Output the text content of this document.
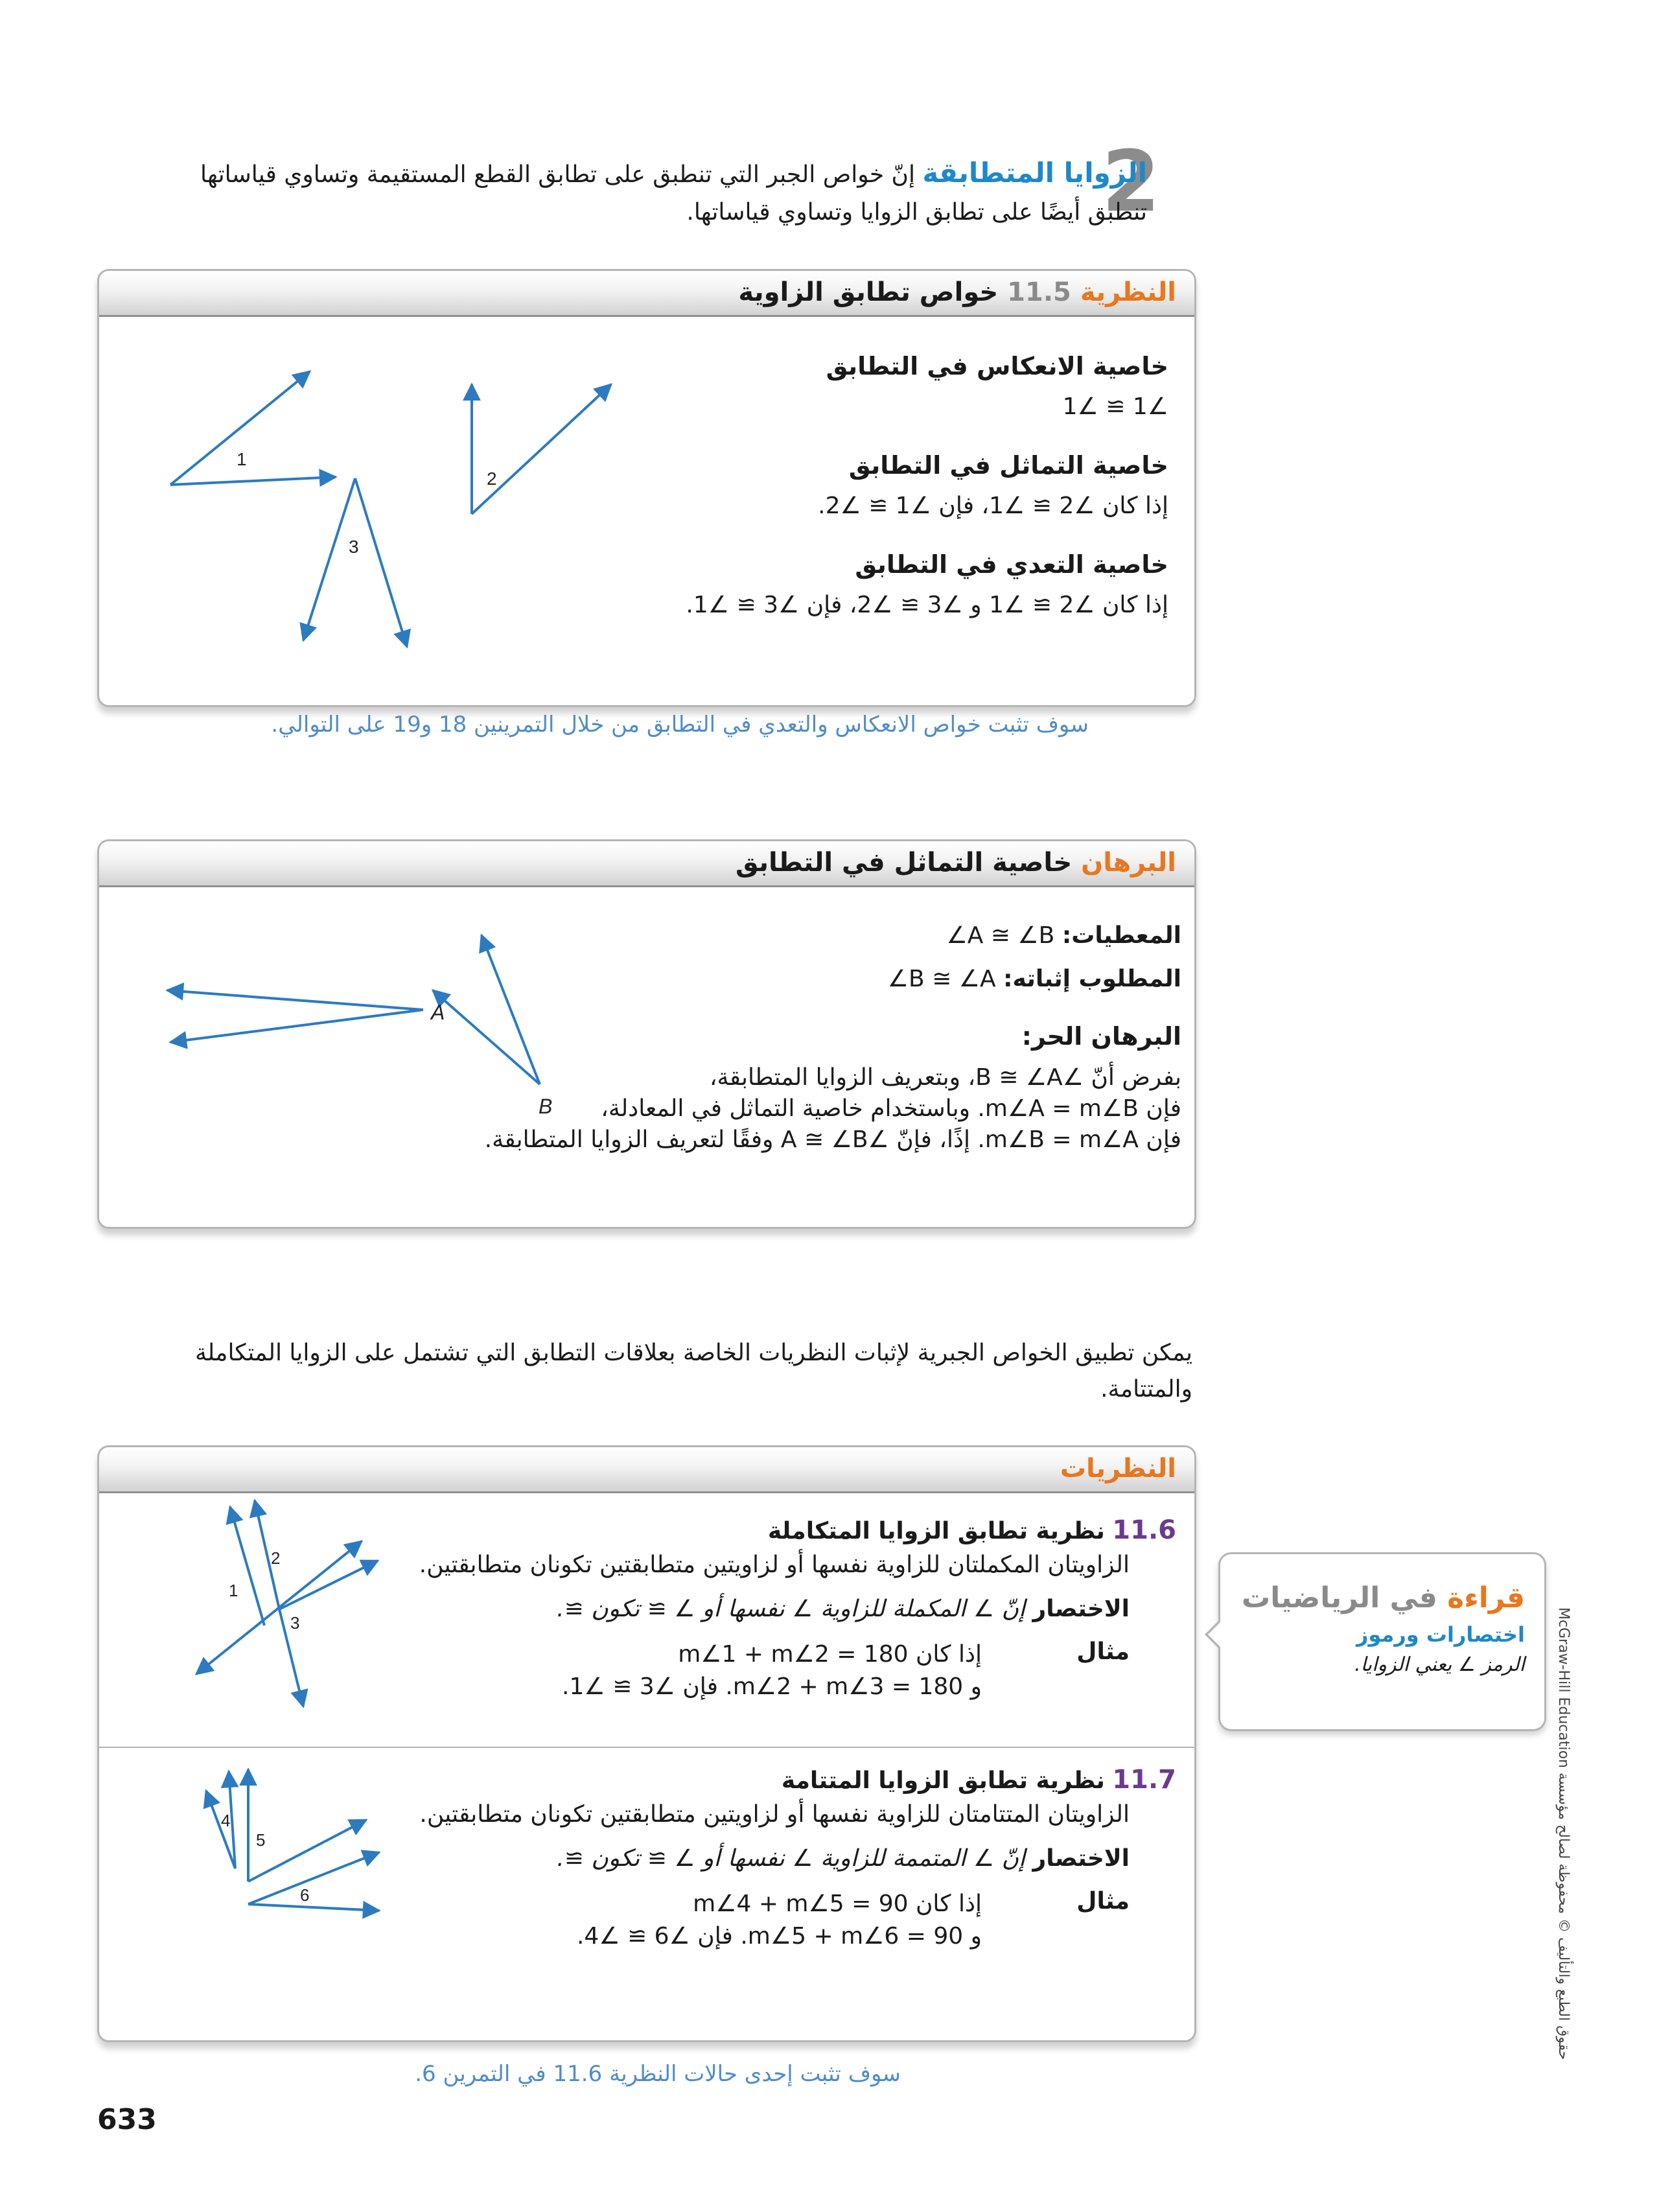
2
الزوايا المتطابقة إنّ خواص الجبر التي تنطبق على تطابق القطع المستقيمة وتساوي قياساتها
تنطبق أيضًا على تطابق الزوايا وتساوي قياساتها.
النظرية 11.5 خواص تطابق الزاوية
1
2
3
خاصية الانعكاس في التطابق
∠1 ≅ ∠1
خاصية التماثل في التطابق
إذا كان ∠2 ≅ ∠1، فإن ∠1 ≅ ∠2.
خاصية التعدي في التطابق
إذا كان ∠2 ≅ ∠1 و ∠3 ≅ ∠2، فإن ∠3 ≅ ∠1.
سوف تثبت خواص الانعكاس والتعدي في التطابق من خلال التمرينين 18 و19 على التوالي.
البرهان خاصية التماثل في التطابق
A
B
المعطيات: ∠A ≅ ∠B
المطلوب إثباته: ∠B ≅ ∠A
البرهان الحر:
بفرض أنّ ∠B ≅ ∠A، وبتعريف الزوايا المتطابقة،
فإن m∠A = m∠B. وباستخدام خاصية التماثل في المعادلة،
فإن m∠B = m∠A. إذًا، فإنّ ∠A ≅ ∠B وفقًا لتعريف الزوايا المتطابقة.
يمكن تطبيق الخواص الجبرية لإثبات النظريات الخاصة بعلاقات التطابق التي تشتمل على الزوايا المتكاملة والمتتامة.
النظريات
1
2
3
11.6 نظرية تطابق الزوايا المتكاملة
الزاويتان المكملتان للزاوية نفسها أو لزاويتين متطابقتين تكونان متطابقتين.
الاختصار إنّ ⦣ المكملة للزاوية ∠ نفسها أو ⦣ ≅ تكون ≅.
مثال
إذا كان m∠1 + m∠2 = 180
و m∠2 + m∠3 = 180. فإن ∠3 ≅ ∠1.
4
5
6
11.7 نظرية تطابق الزوايا المتتامة
الزاويتان المتتامتان للزاوية نفسها أو لزاويتين متطابقتين تكونان متطابقتين.
الاختصار إنّ ⦣ المتممة للزاوية ∠ نفسها أو ⦣ ≅ تكون ≅.
مثال
إذا كان m∠4 + m∠5 = 90
و m∠5 + m∠6 = 90. فإن ∠6 ≅ ∠4.
سوف تثبت إحدى حالات النظرية 11.6 في التمرين 6.
قراءة في الرياضيات
اختصارات ورموز
الرمز ⦣ يعني الزوايا. حقوق الطبع والتأليف © محفوظة لصالح مؤسسة McGraw-Hill Education
633
